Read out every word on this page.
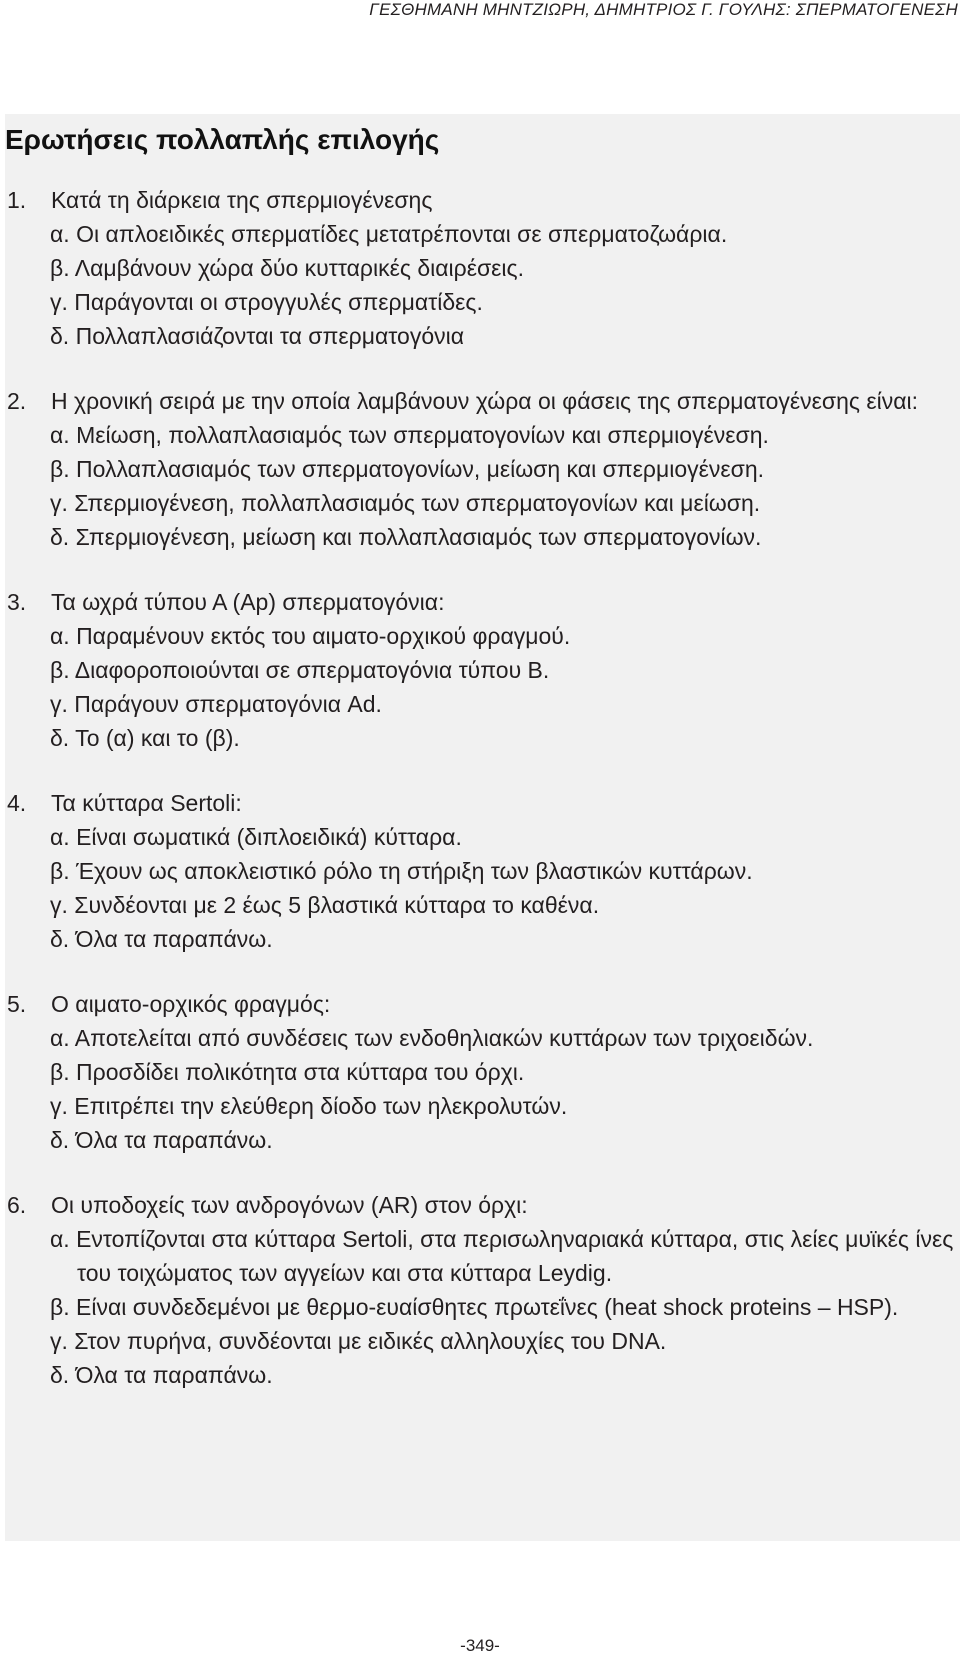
ΓΕΣΘΗΜΑΝΗ ΜΗΝΤΖΙΩΡΗ, ΔΗΜΗΤΡΙΟΣ Γ. ΓΟΥΛΗΣ: ΣΠΕΡΜΑΤΟΓΕΝΕΣΗ
Ερωτήσεις πολλαπλής επιλογής
1.	Κατά τη διάρκεια της σπερμιογένεσης
α. Οι απλοειδικές σπερματίδες μετατρέπονται σε σπερματοζωάρια.
β. Λαμβάνουν χώρα δύο κυτταρικές διαιρέσεις.
γ. Παράγονται οι στρογγυλές σπερματίδες.
δ. Πολλαπλασιάζονται τα σπερματογόνια
2.	Η χρονική σειρά με την οποία λαμβάνουν χώρα οι φάσεις της σπερματογένεσης είναι:
α. Μείωση, πολλαπλασιαμός των σπερματογονίων και σπερμιογένεση.
β. Πολλαπλασιαμός των σπερματογονίων, μείωση και σπερμιογένεση.
γ. Σπερμιογένεση, πολλαπλασιαμός των σπερματογονίων και μείωση.
δ. Σπερμιογένεση, μείωση και πολλαπλασιαμός των σπερματογονίων.
3.	Τα ωχρά τύπου Α (Ap) σπερματογόνια:
α. Παραμένουν εκτός του αιματο-ορχικού φραγμού.
β. Διαφοροποιούνται σε σπερματογόνια τύπου Β.
γ. Παράγουν σπερματογόνια Ad.
δ. Το (α) και το (β).
4.	Τα κύτταρα Sertoli:
α. Είναι σωματικά (διπλοειδικά) κύτταρα.
β. Έχουν ως αποκλειστικό ρόλο τη στήριξη των βλαστικών κυττάρων.
γ. Συνδέονται με 2 έως 5 βλαστικά κύτταρα το καθένα.
δ. Όλα τα παραπάνω.
5.	Ο αιματο-ορχικός φραγμός:
α. Αποτελείται από συνδέσεις των ενδοθηλιακών κυττάρων των τριχοειδών.
β. Προσδίδει πολικότητα στα κύτταρα του όρχι.
γ. Επιτρέπει την ελεύθερη δίοδο των ηλεκρολυτών.
δ. Όλα τα παραπάνω.
6.	Οι υποδοχείς των ανδρογόνων (AR) στον όρχι:
α. Εντοπίζονται στα κύτταρα Sertoli, στα περισωληναριακά κύτταρα, στις λείες μυϊκές ίνες του τοιχώματος των αγγείων και στα κύτταρα Leydig.
β. Είναι συνδεδεμένοι με θερμο-ευαίσθητες πρωτεΐνες (heat shock proteins – HSP).
γ. Στον πυρήνα, συνδέονται με ειδικές αλληλουχίες του DNA.
δ. Όλα τα παραπάνω.
-349-
